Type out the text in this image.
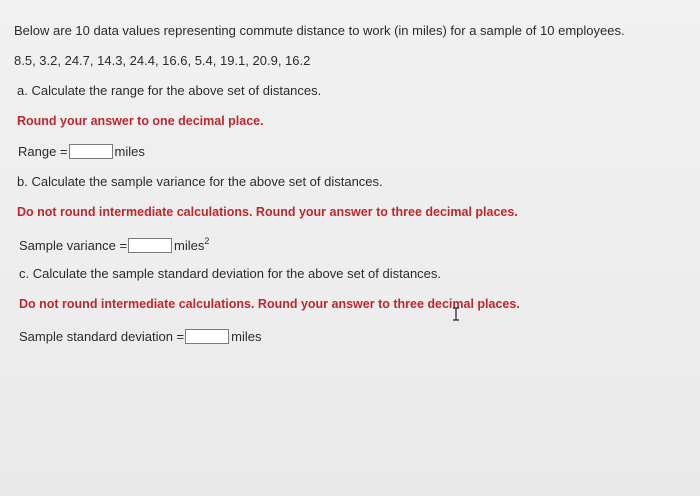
Below are 10 data values representing commute distance to work (in miles) for a sample of 10 employees.
8.5, 3.2, 24.7, 14.3, 24.4, 16.6, 5.4, 19.1, 20.9, 16.2
a. Calculate the range for the above set of distances.
Round your answer to one decimal place.
Range =	miles
b. Calculate the sample variance for the above set of distances.
Do not round intermediate calculations. Round your answer to three decimal places.
Sample variance =	miles$^2$
c. Calculate the sample standard deviation for the above set of distances.
Do not round intermediate calculations. Round your answer to three decimal places.
Sample standard deviation =	miles
